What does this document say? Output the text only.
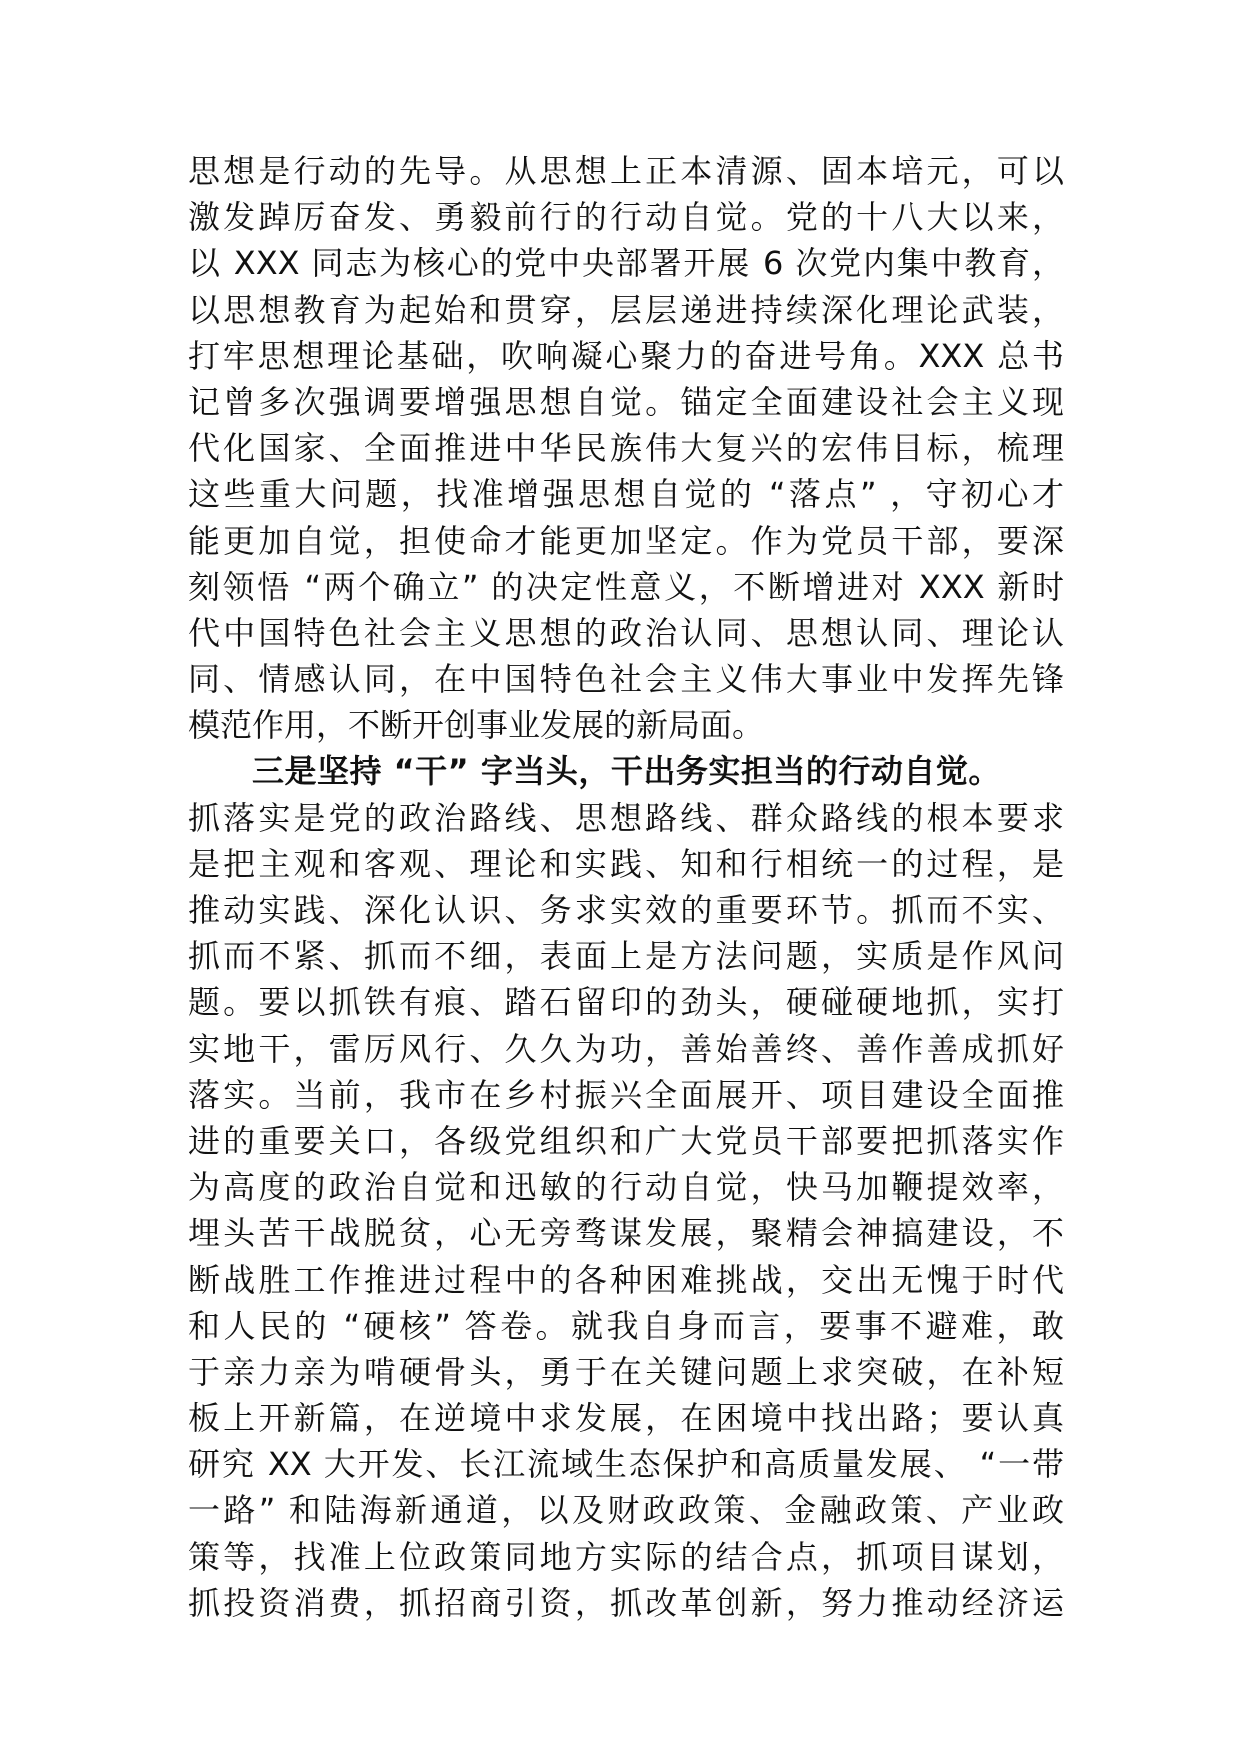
思想是行动的先导。从思想上正本清源、固本培元，可以
激发踔厉奋发、勇毅前行的行动自觉。党的十八大以来，
以 XXX 同志为核心的党中央部署开展 6 次党内集中教育，
以思想教育为起始和贯穿，层层递进持续深化理论武装，
打牢思想理论基础，吹响凝心聚力的奋进号角。XXX 总书
记曾多次强调要增强思想自觉。锚定全面建设社会主义现
代化国家、全面推进中华民族伟大复兴的宏伟目标，梳理
这些重大问题，找准增强思想自觉的 “落点” ，守初心才
能更加自觉，担使命才能更加坚定。作为党员干部，要深
刻领悟 “两个确立” 的决定性意义，不断增进对 XXX 新时
代中国特色社会主义思想的政治认同、思想认同、理论认
同、情感认同，在中国特色社会主义伟大事业中发挥先锋
模范作用，不断开创事业发展的新局面。
三是坚持 “干” 字当头，干出务实担当的行动自觉。
抓落实是党的政治路线、思想路线、群众路线的根本要求
是把主观和客观、理论和实践、知和行相统一的过程，是
推动实践、深化认识、务求实效的重要环节。抓而不实、
抓而不紧、抓而不细，表面上是方法问题，实质是作风问
题。要以抓铁有痕、踏石留印的劲头，硬碰硬地抓，实打
实地干，雷厉风行、久久为功，善始善终、善作善成抓好
落实。当前，我市在乡村振兴全面展开、项目建设全面推
进的重要关口，各级党组织和广大党员干部要把抓落实作
为高度的政治自觉和迅敏的行动自觉，快马加鞭提效率，
埋头苦干战脱贫，心无旁骛谋发展，聚精会神搞建设，不
断战胜工作推进过程中的各种困难挑战，交出无愧于时代
和人民的 “硬核” 答卷。就我自身而言，要事不避难，敢
于亲力亲为啃硬骨头，勇于在关键问题上求突破，在补短
板上开新篇，在逆境中求发展，在困境中找出路；要认真
研究 XX 大开发、长江流域生态保护和高质量发展、 “一带
一路” 和陆海新通道，以及财政政策、金融政策、产业政
策等，找准上位政策同地方实际的结合点，抓项目谋划，
抓投资消费，抓招商引资，抓改革创新，努力推动经济运
